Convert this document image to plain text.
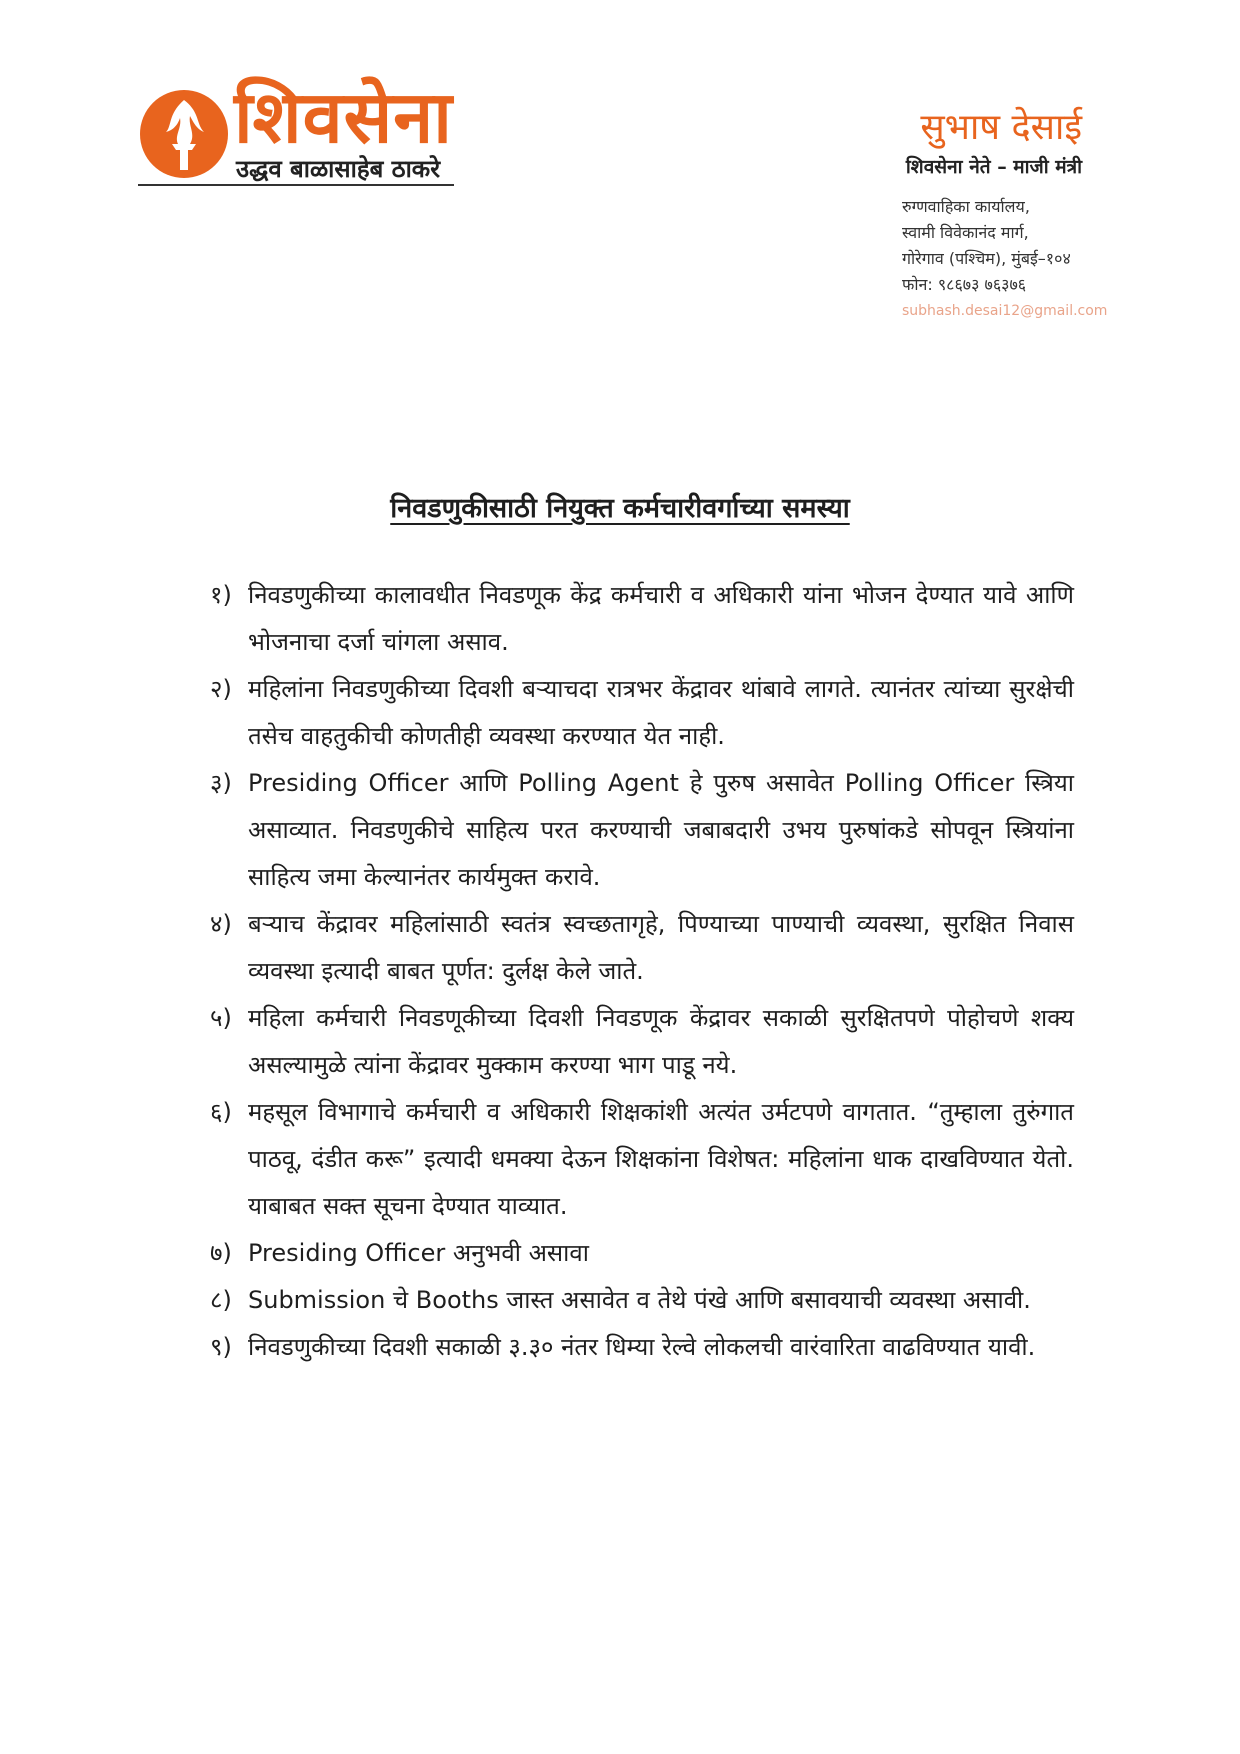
शिवसेना
उद्धव बाळासाहेब ठाकरे
सुभाष देसाई
शिवसेना नेते – माजी मंत्री
रुग्णवाहिका कार्यालय,
स्वामी विवेकानंद मार्ग,
गोरेगाव (पश्चिम), मुंबई–१०४
फोन: ९८६७३ ७६३७६
subhash.desai12@gmail.com
निवडणुकीसाठी नियुक्त कर्मचारीवर्गाच्या समस्या
१) निवडणुकीच्या कालावधीत निवडणूक केंद्र कर्मचारी व अधिकारी यांना भोजन देण्यात यावे आणि भोजनाचा दर्जा चांगला असाव.
२) महिलांना निवडणुकीच्या दिवशी बऱ्याचदा रात्रभर केंद्रावर थांबावे लागते. त्यानंतर त्यांच्या सुरक्षेची तसेच वाहतुकीची कोणतीही व्यवस्था करण्यात येत नाही.
३) Presiding Officer आणि Polling Agent हे पुरुष असावेत Polling Officer स्त्रिया असाव्यात. निवडणुकीचे साहित्य परत करण्याची जबाबदारी उभय पुरुषांकडे सोपवून स्त्रियांना साहित्य जमा केल्यानंतर कार्यमुक्त करावे.
४) बऱ्याच केंद्रावर महिलांसाठी स्वतंत्र स्वच्छतागृहे, पिण्याच्या पाण्याची व्यवस्था, सुरक्षित निवास व्यवस्था इत्यादी बाबत पूर्णत: दुर्लक्ष केले जाते.
५) महिला कर्मचारी निवडणूकीच्या दिवशी निवडणूक केंद्रावर सकाळी सुरक्षितपणे पोहोचणे शक्य असल्यामुळे त्यांना केंद्रावर मुक्काम करण्या भाग पाडू नये.
६) महसूल विभागाचे कर्मचारी व अधिकारी शिक्षकांशी अत्यंत उर्मटपणे वागतात. “तुम्हाला तुरुंगात पाठवू, दंडीत करू” इत्यादी धमक्या देऊन शिक्षकांना विशेषत: महिलांना धाक दाखविण्यात येतो. याबाबत सक्त सूचना देण्यात याव्यात.
७) Presiding Officer अनुभवी असावा
८) Submission चे Booths जास्त असावेत व तेथे पंखे आणि बसावयाची व्यवस्था असावी.
९) निवडणुकीच्या दिवशी सकाळी ३.३० नंतर धिम्या रेल्वे लोकलची वारंवारिता वाढविण्यात यावी.
